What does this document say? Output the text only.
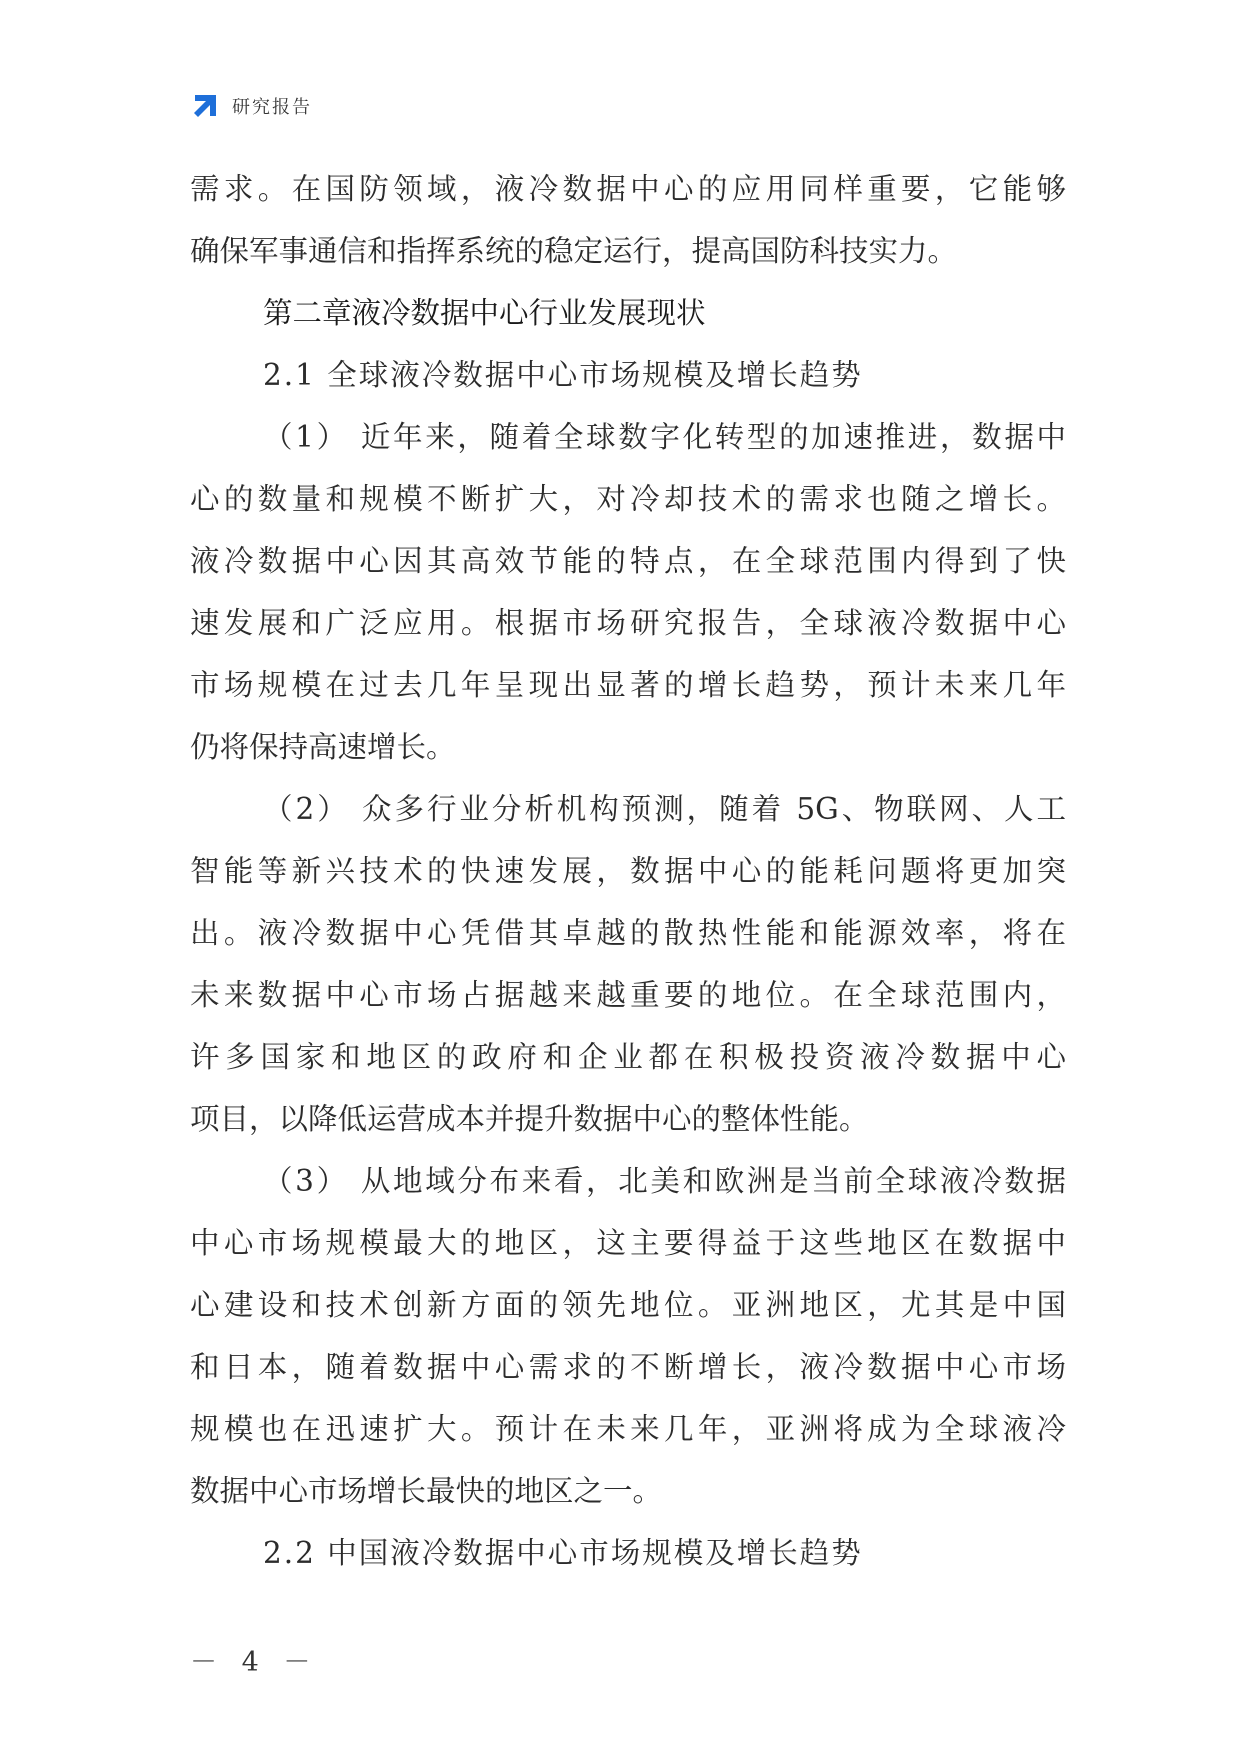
研究报告
需求。在国防领域，液冷数据中心的应用同样重要，它能够
确保军事通信和指挥系统的稳定运行，提高国防科技实力。
第二章液冷数据中心行业发展现状
2.1 全球液冷数据中心市场规模及增长趋势
（1） 近年来，随着全球数字化转型的加速推进，数据中
心的数量和规模不断扩大，对冷却技术的需求也随之增长。
液冷数据中心因其高效节能的特点，在全球范围内得到了快
速发展和广泛应用。根据市场研究报告，全球液冷数据中心
市场规模在过去几年呈现出显著的增长趋势，预计未来几年
仍将保持高速增长。
（2） 众多行业分析机构预测，随着 5G、物联网、人工
智能等新兴技术的快速发展，数据中心的能耗问题将更加突
出。液冷数据中心凭借其卓越的散热性能和能源效率，将在
未来数据中心市场占据越来越重要的地位。在全球范围内，
许多国家和地区的政府和企业都在积极投资液冷数据中心
项目，以降低运营成本并提升数据中心的整体性能。
（3） 从地域分布来看，北美和欧洲是当前全球液冷数据
中心市场规模最大的地区，这主要得益于这些地区在数据中
心建设和技术创新方面的领先地位。亚洲地区，尤其是中国
和日本，随着数据中心需求的不断增长，液冷数据中心市场
规模也在迅速扩大。预计在未来几年，亚洲将成为全球液冷
数据中心市场增长最快的地区之一。
2.2 中国液冷数据中心市场规模及增长趋势
－ 4 －
